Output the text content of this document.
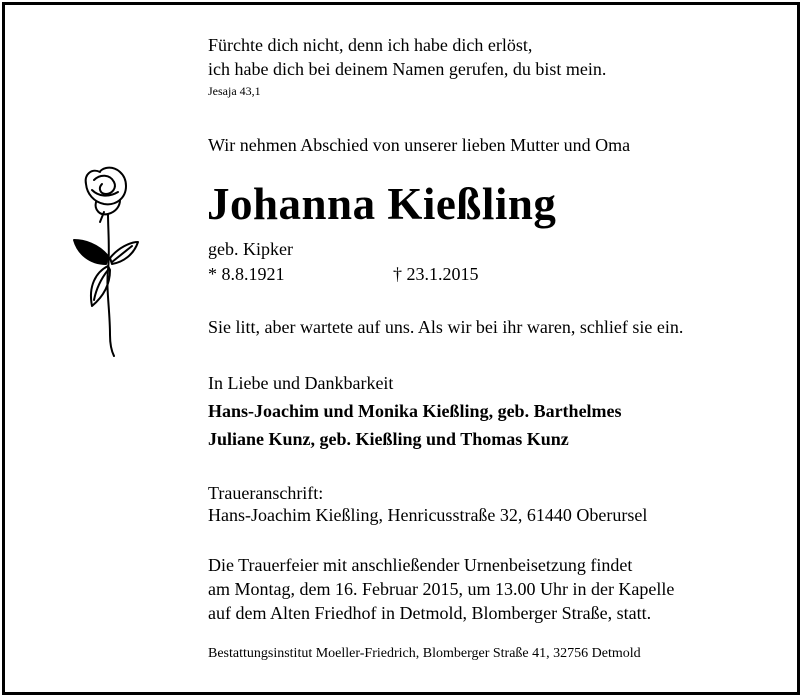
Fürchte dich nicht, denn ich habe dich erlöst,
ich habe dich bei deinem Namen gerufen, du bist mein.
Jesaja 43,1
Wir nehmen Abschied von unserer lieben Mutter und Oma
Johanna Kießling
geb. Kipker
* 8.8.1921	† 23.1.2015
Sie litt, aber wartete auf uns. Als wir bei ihr waren, schlief sie ein.
In Liebe und Dankbarkeit
Hans-Joachim und Monika Kießling, geb. Barthelmes
Juliane Kunz, geb. Kießling und Thomas Kunz
Traueranschrift:
Hans-Joachim Kießling, Henricusstraße 32, 61440 Oberursel
Die Trauerfeier mit anschließender Urnenbeisetzung findet
am Montag, dem 16. Februar 2015, um 13.00 Uhr in der Kapelle
auf dem Alten Friedhof in Detmold, Blomberger Straße, statt.
Bestattungsinstitut Moeller-Friedrich, Blomberger Straße 41, 32756 Detmold
